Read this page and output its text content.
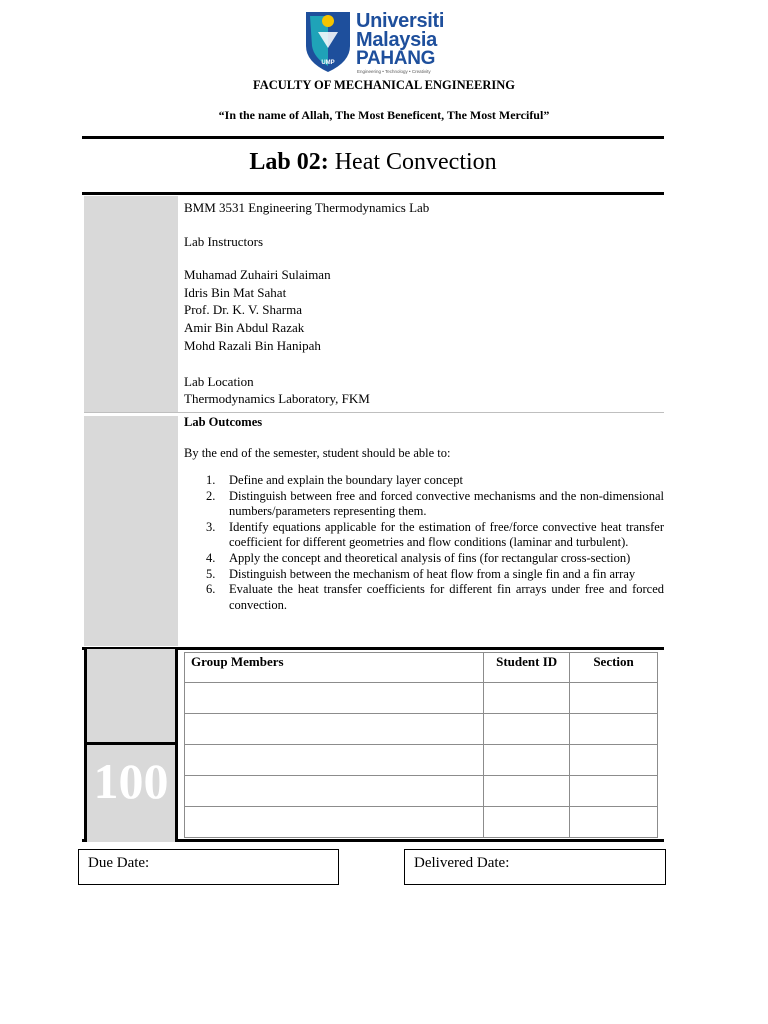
UMP
Universiti
Malaysia
PAHANG
Engineering • Technology • Creativity
FACULTY OF MECHANICAL ENGINEERING
“In the name of Allah, The Most Beneficent, The Most Merciful”
Lab 02: Heat Convection
BMM 3531 Engineering Thermodynamics Lab
Lab Instructors
Muhamad Zuhairi Sulaiman
Idris Bin Mat Sahat
Prof. Dr. K. V. Sharma
Amir Bin Abdul Razak
Mohd Razali Bin Hanipah
Lab Location
Thermodynamics Laboratory, FKM
Lab Outcomes
By the end of the semester, student should be able to:
1. Define and explain the boundary layer concept
2. Distinguish between free and forced convective mechanisms and the non-dimensional numbers/parameters representing them.
3. Identify equations applicable for the estimation of free/force convective heat transfer coefficient for different geometries and flow conditions (laminar and turbulent).
4. Apply the concept and theoretical analysis of fins (for rectangular cross-section)
5. Distinguish between the mechanism of heat flow from a single fin and a fin array
6. Evaluate the heat transfer coefficients for different fin arrays under free and forced convection.
100
Group Members	Student ID	Section

Due Date:	Delivered Date:
